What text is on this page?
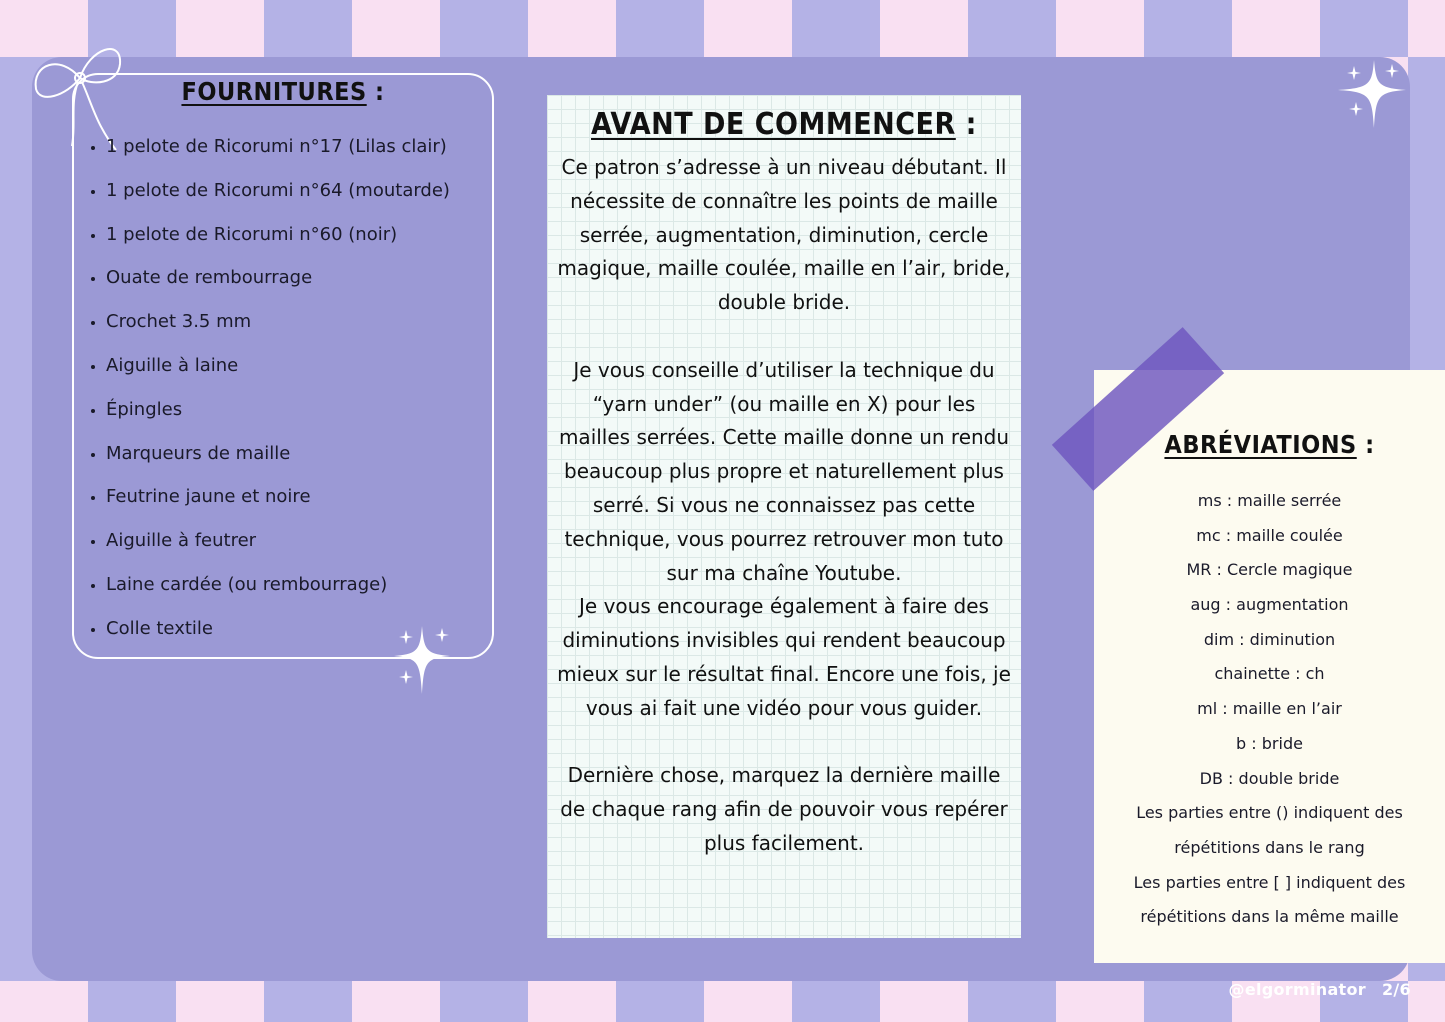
FOURNITURES :
• 1 pelote de Ricorumi n°17 (Lilas clair)
• 1 pelote de Ricorumi n°64 (moutarde)
• 1 pelote de Ricorumi n°60 (noir)
• Ouate de rembourrage
• Crochet 3.5 mm
• Aiguille à laine
• Épingles
• Marqueurs de maille
• Feutrine jaune et noire
• Aiguille à feutrer
• Laine cardée (ou rembourrage)
• Colle textile
AVANT DE COMMENCER :

Ce patron s’adresse à un niveau débutant. Il nécessite de connaître les points de maille serrée, augmentation, diminution, cercle magique, maille coulée, maille en l’air, bride, double bride.

Je vous conseille d’utiliser la technique du “yarn under” (ou maille en X) pour les mailles serrées. Cette maille donne un rendu beaucoup plus propre et naturellement plus serré. Si vous ne connaissez pas cette technique, vous pourrez retrouver mon tuto sur ma chaîne Youtube.

Je vous encourage également à faire des diminutions invisibles qui rendent beaucoup mieux sur le résultat final. Encore une fois, je vous ai fait une vidéo pour vous guider.

Dernière chose, marquez la dernière maille de chaque rang afin de pouvoir vous repérer plus facilement.

ABRÉVIATIONS :
ms : maille serrée
mc : maille coulée
MR : Cercle magique
aug : augmentation
dim : diminution
chainette : ch
ml : maille en l’air
b : bride
DB : double bride
Les parties entre () indiquent des
répétitions dans le rang
Les parties entre [ ] indiquent des
répétitions dans la même maille
@elgorminator 2/6
